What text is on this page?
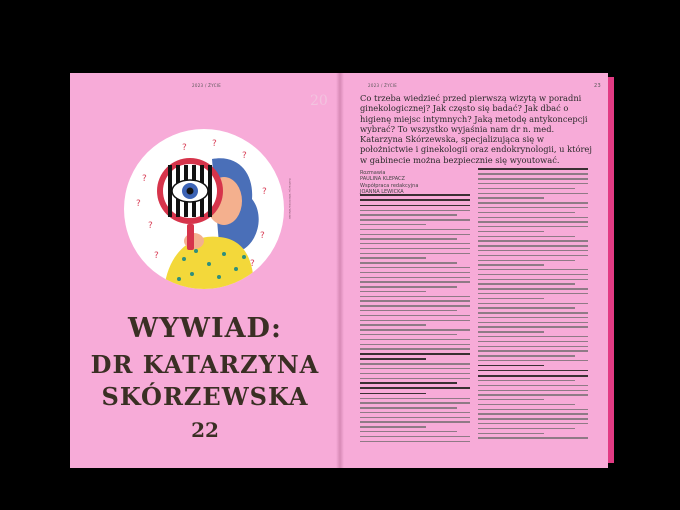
2023 / ŻYCIE
20
?
?
?
?	?
?
?
?
?
?	ilustracja: Weronika Wasiak
WYWIAD:
DR KATARZYNA
SKÓRZEWSKA
22
2023 / ŻYCIE	23
Co trzeba wiedzieć przed pierwszą wizytą w poradni ginekologicznej? Jak często się badać? Jak dbać o higienę miejsc intymnych? Jaką metodę antykoncepcji wybrać? To wszystko wyjaśnia nam dr n. med. Katarzyna Skórzewska, specjalizująca się w położnictwie i ginekologii oraz endokrynologii, u której w gabinecie można bezpiecznie się wyoutować.
Rozmawia
PAULINA KLEPACZ
Współpraca redakcyjna
JOANNA LEWICKA
